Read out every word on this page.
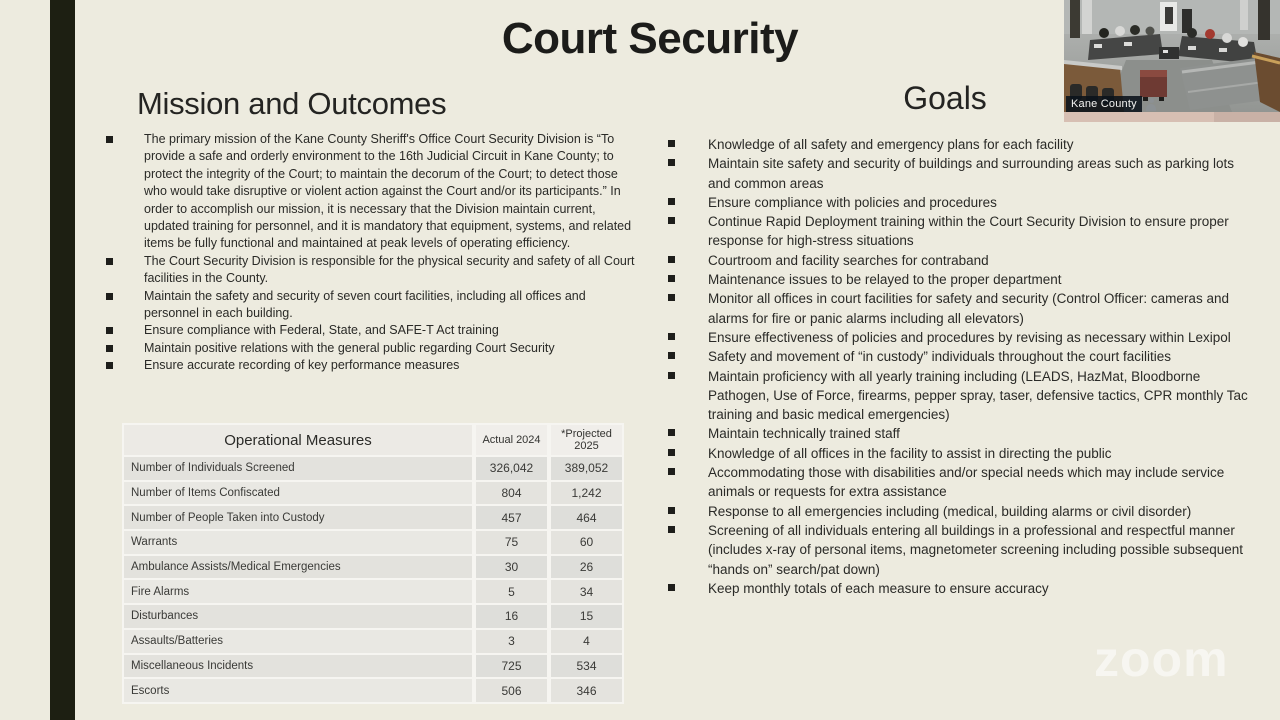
Court Security
Mission and Outcomes	Goals
The primary mission of the Kane County Sheriff's Office Court Security Division is “To provide a safe and orderly environment to the 16th Judicial Circuit in Kane County; to protect the integrity of the Court; to maintain the decorum of the Court; to detect those who would take disruptive or violent action against the Court and/or its participants.” In order to accomplish our mission, it is necessary that the Division maintain current, updated training for personnel, and it is mandatory that equipment, systems, and related items be fully functional and maintained at peak levels of operating efficiency.
The Court Security Division is responsible for the physical security and safety of all Court facilities in the County.
Maintain the safety and security of seven court facilities, including all offices and personnel in each building.
Ensure compliance with Federal, State, and SAFE-T Act training
Maintain positive relations with the general public regarding Court Security
Ensure accurate recording of key performance measures
Knowledge of all safety and emergency plans for each facility
Maintain site safety and security of buildings and surrounding areas such as parking lots and common areas
Ensure compliance with policies and procedures
Continue Rapid Deployment training within the Court Security Division to ensure proper response for high-stress situations
Courtroom and facility searches for contraband
Maintenance issues to be relayed to the proper department
Monitor all offices in court facilities for safety and security (Control Officer: cameras and alarms for fire or panic alarms including all elevators)
Ensure effectiveness of policies and procedures by revising as necessary within Lexipol
Safety and movement of “in custody” individuals throughout the court facilities
Maintain proficiency with all yearly training including (LEADS, HazMat, Bloodborne Pathogen, Use of Force, firearms, pepper spray, taser, defensive tactics, CPR monthly Tac training and basic medical emergencies)
Maintain technically trained staff
Knowledge of all offices in the facility to assist in directing the public
Accommodating those with disabilities and/or special needs which may include service animals or requests for extra assistance
Response to all emergencies including (medical, building alarms or civil disorder)
Screening of all individuals entering all buildings in a professional and respectful manner (includes x-ray of personal items, magnetometer screening including possible subsequent “hands on” search/pat down)
Keep monthly totals of each measure to ensure accuracy
Operational Measures	Actual 2024	*Projected 2025
Number of Individuals Screened	326,042	389,052
Number of Items Confiscated	804	1,242
Number of People Taken into Custody	457	464
Warrants	75	60
Ambulance Assists/Medical Emergencies	30	26
Fire Alarms	5	34
Disturbances	16	15
Assaults/Batteries	3	4
Miscellaneous Incidents	725	534
Escorts	506	346
Kane County
zoom
